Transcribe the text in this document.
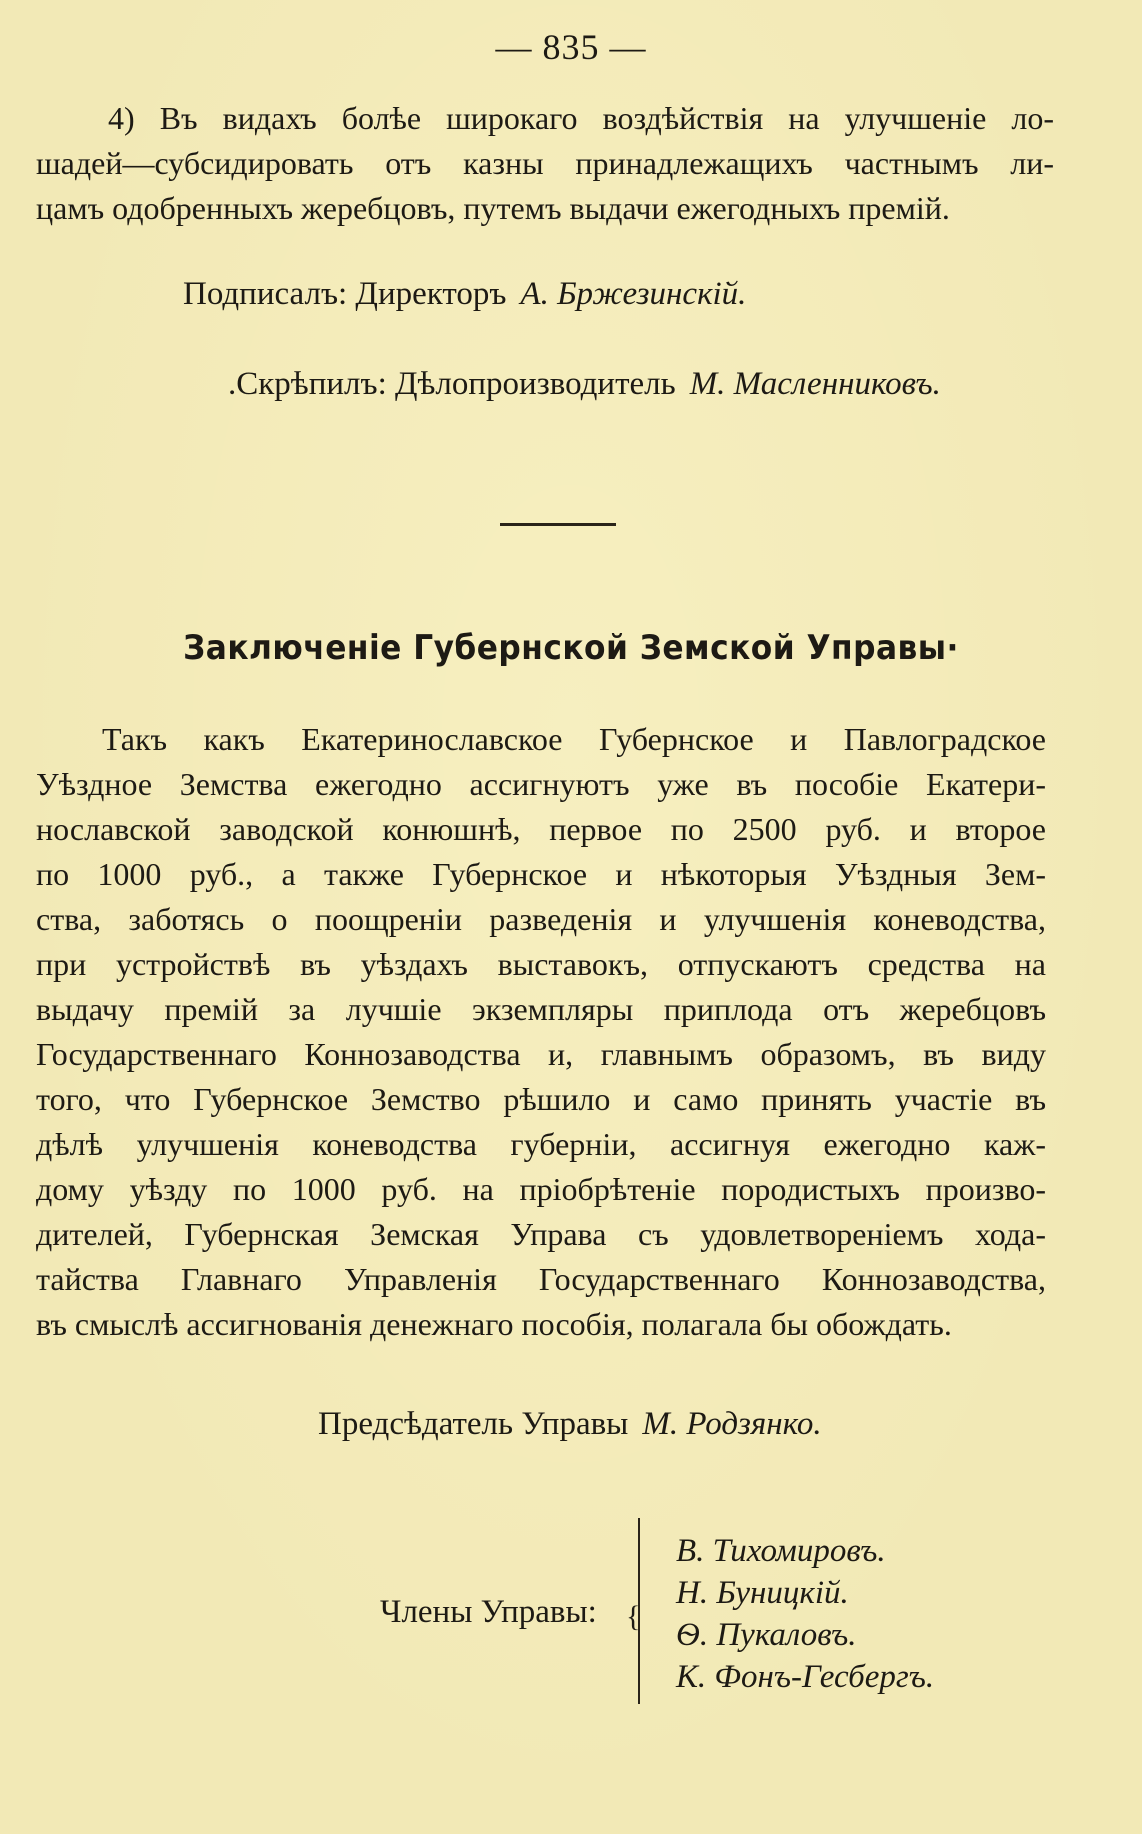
— 835 —
4) Въ видахъ болѣе широкаго воздѣйствія на улучшеніе ло-
шадей—субсидировать отъ казны принадлежащихъ частнымъ ли-
цамъ одобренныхъ жеребцовъ, путемъ выдачи ежегодныхъ премій.
Подписалъ: Директоръ А. Бржезинскій.
.Скрѣпилъ: Дѣлопроизводитель М. Масленниковъ.
Заключеніе Губернской Земской Управы·
Такъ какъ Екатеринославское Губернское и Павлоградское
Уѣздное Земства ежегодно ассигнуютъ уже въ пособіе Екатери-
нославской заводской конюшнѣ, первое по 2500 руб. и второе
по 1000 руб., а также Губернское и нѣкоторыя Уѣздныя Зем-
ства, заботясь о поощреніи разведенія и улучшенія коневодства,
при устройствѣ въ уѣздахъ выставокъ, отпускаютъ средства на
выдачу премій за лучшіе экземпляры приплода отъ жеребцовъ
Государственнаго Коннозаводства и, главнымъ образомъ, въ виду
того, что Губернское Земство рѣшило и само принять участіе въ
дѣлѣ улучшенія коневодства губерніи, ассигнуя ежегодно каж-
дому уѣзду по 1000 руб. на пріобрѣтеніе породистыхъ произво-
дителей, Губернская Земская Управа съ удовлетвореніемъ хода-
тайства Главнаго Управленія Государственнаго Коннозаводства,
въ смыслѣ ассигнованія денежнаго пособія, полагала бы обождать.
Предсѣдатель Управы М. Родзянко.
Члены Управы: {
В. Тихомировъ.
Н. Буницкій.
Ѳ. Пукаловъ.
К. Фонъ-Гесбергъ.
